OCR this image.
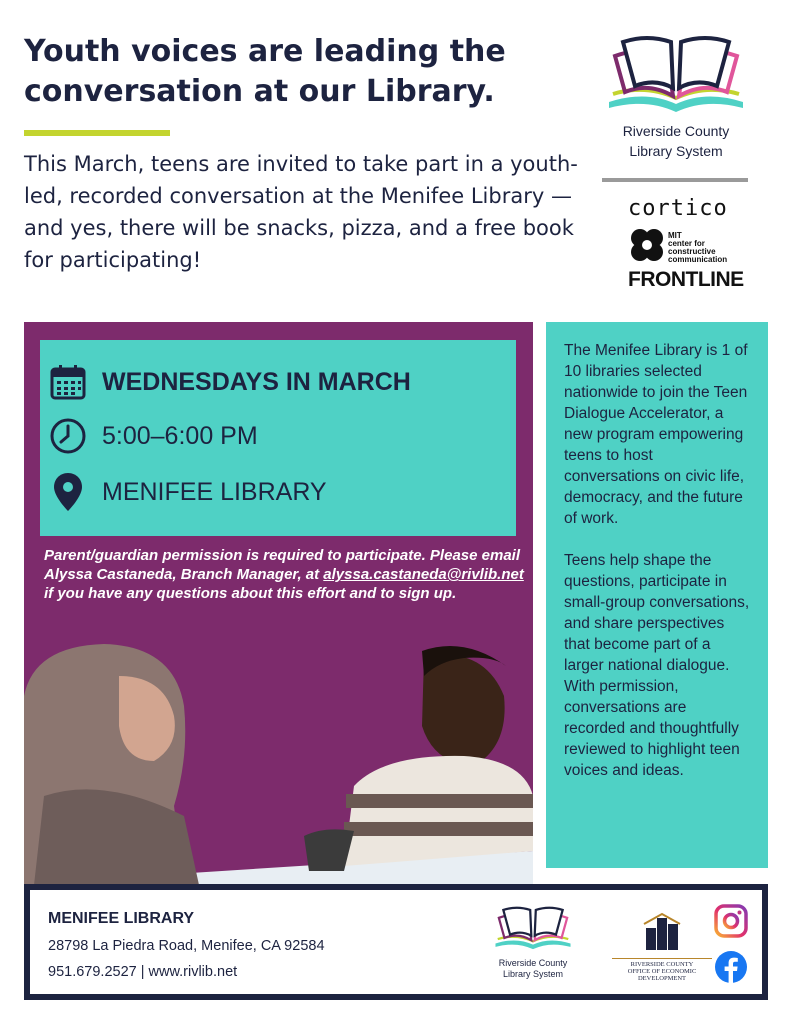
Youth voices are leading the conversation at our Library.
This March, teens are invited to take part in a youth-led, recorded conversation at the Menifee Library —and yes, there will be snacks, pizza, and a free book for participating!
Riverside County
Library System
cortico
MIT
center for
constructive
communication
FRONTLINE
WEDNESDAYS IN MARCH
5:00–6:00 PM
MENIFEE LIBRARY
Parent/guardian permission is required to participate. Please email Alyssa Castaneda, Branch Manager, at alyssa.castaneda@rivlib.net if you have any questions about this effort and to sign up.

The Menifee Library is 1 of 10 libraries selected nationwide to join the Teen Dialogue Accelerator, a new program empowering teens to host conversations on civic life, democracy, and the future of work.

Teens help shape the questions, participate in small-group conversations, and share perspectives that become part of a larger national dialogue. With permission, conversations are recorded and thoughtfully reviewed to highlight teen voices and ideas.

MENIFEE LIBRARY
28798 La Piedra Road, Menifee, CA 92584
951.679.2527 | www.rivlib.net
Riverside County
Library System
RIVERSIDE COUNTY
OFFICE OF ECONOMIC DEVELOPMENT
